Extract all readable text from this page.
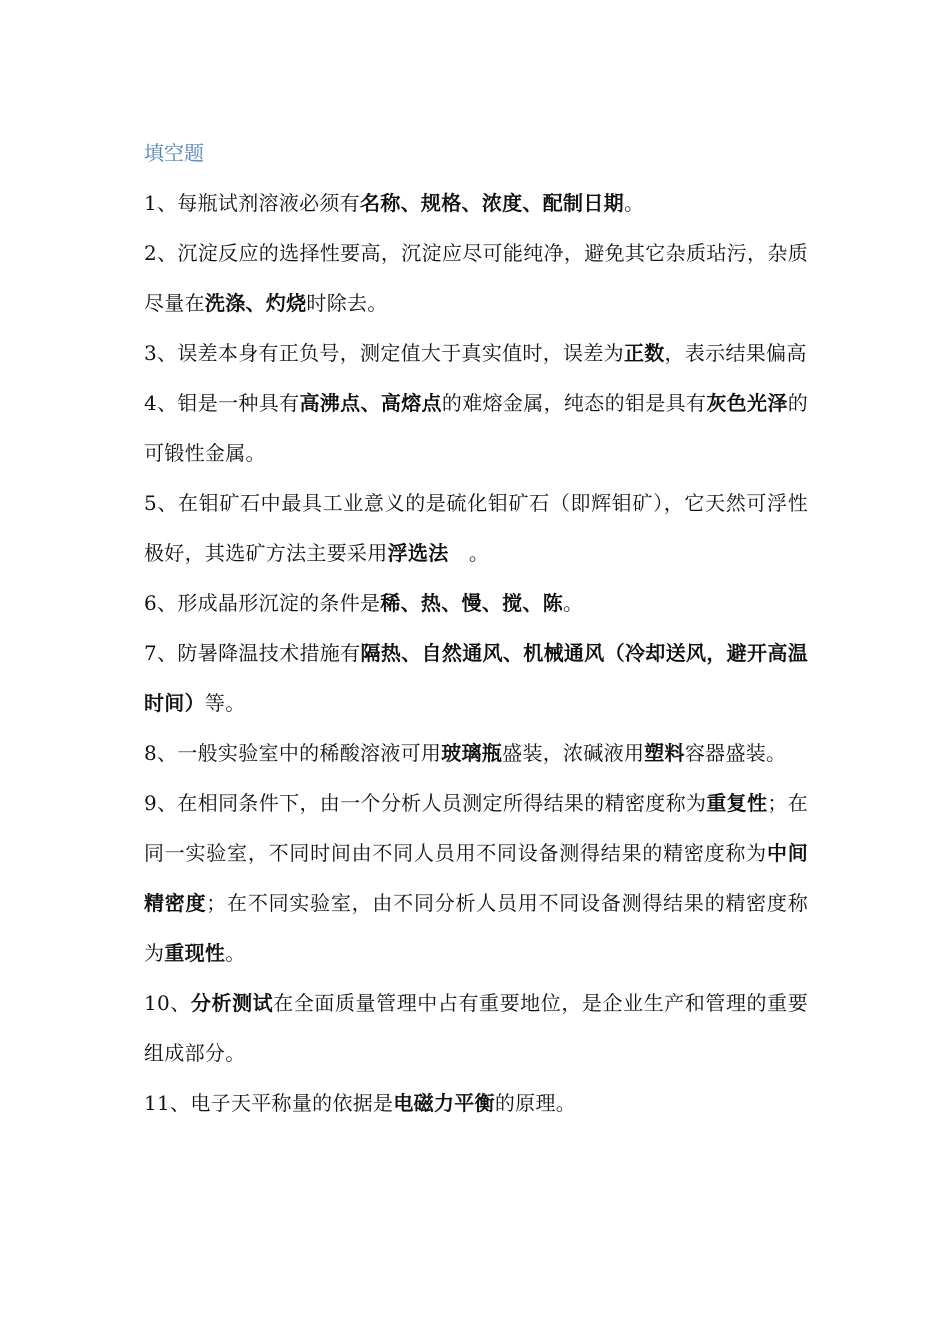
填空题

1、每瓶试剂溶液必须有名称、规格、浓度、配制日期。

2、沉淀反应的选择性要高，沉淀应尽可能纯净，避免其它杂质玷污，杂质尽量在洗涤、灼烧时除去。

3、误差本身有正负号，测定值大于真实值时，误差为正数，表示结果偏高

4、钼是一种具有高沸点、高熔点的难熔金属，纯态的钼是具有灰色光泽的可锻性金属。

5、在钼矿石中最具工业意义的是硫化钼矿石（即辉钼矿），它天然可浮性极好，其选矿方法主要采用浮选法　。

6、形成晶形沉淀的条件是稀、热、慢、搅、陈。

7、防暑降温技术措施有隔热、自然通风、机械通风（冷却送风，避开高温时间）等。

8、一般实验室中的稀酸溶液可用玻璃瓶盛装，浓碱液用塑料容器盛装。

9、在相同条件下，由一个分析人员测定所得结果的精密度称为重复性；在同一实验室，不同时间由不同人员用不同设备测得结果的精密度称为中间精密度；在不同实验室，由不同分析人员用不同设备测得结果的精密度称为重现性。

10、分析测试在全面质量管理中占有重要地位，是企业生产和管理的重要组成部分。

11、电子天平称量的依据是电磁力平衡的原理。
